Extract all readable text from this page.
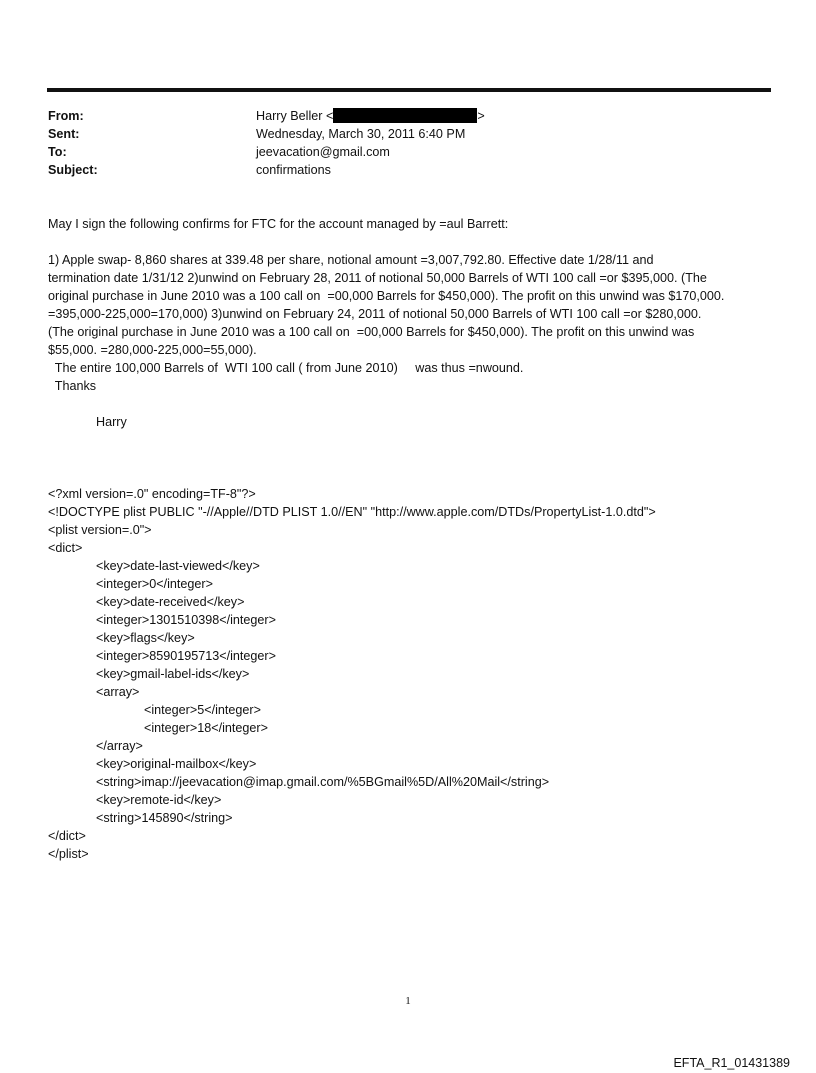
From:	Harry Beller <	>
Sent:	Wednesday, March 30, 2011 6:40 PM
To:	jeevacation@gmail.com
Subject:	confirmations
May I sign the following confirms for FTC for the account managed by =aul Barrett:
1) Apple swap- 8,860 shares at 339.48 per share, notional amount =3,007,792.80. Effective date 1/28/11 and
termination date 1/31/12 2)unwind on February 28, 2011 of notional 50,000 Barrels of WTI 100 call =or $395,000. (The
original purchase in June 2010 was a 100 call on  =00,000 Barrels for $450,000). The profit on this unwind was $170,000.
=395,000-225,000=170,000) 3)unwind on February 24, 2011 of notional 50,000 Barrels of WTI 100 call =or $280,000.
(The original purchase in June 2010 was a 100 call on  =00,000 Barrels for $450,000). The profit on this unwind was
$55,000. =280,000-225,000=55,000).
The entire 100,000 Barrels of  WTI 100 call ( from June 2010)     was thus =nwound.
Thanks
Harry
<?xml version=.0" encoding=TF-8"?>
<!DOCTYPE plist PUBLIC "-//Apple//DTD PLIST 1.0//EN" "http://www.apple.com/DTDs/PropertyList-1.0.dtd">
<plist version=.0">
<dict>
<key>date-last-viewed</key>
<integer>0</integer>
<key>date-received</key>
<integer>1301510398</integer>
<key>flags</key>
<integer>8590195713</integer>
<key>gmail-label-ids</key>
<array>
<integer>5</integer>
<integer>18</integer>
</array>
<key>original-mailbox</key>
<string>imap://jeevacation@imap.gmail.com/%5BGmail%5D/All%20Mail</string>
<key>remote-id</key>
<string>145890</string>
</dict>
</plist>
1
EFTA_R1_01431389
